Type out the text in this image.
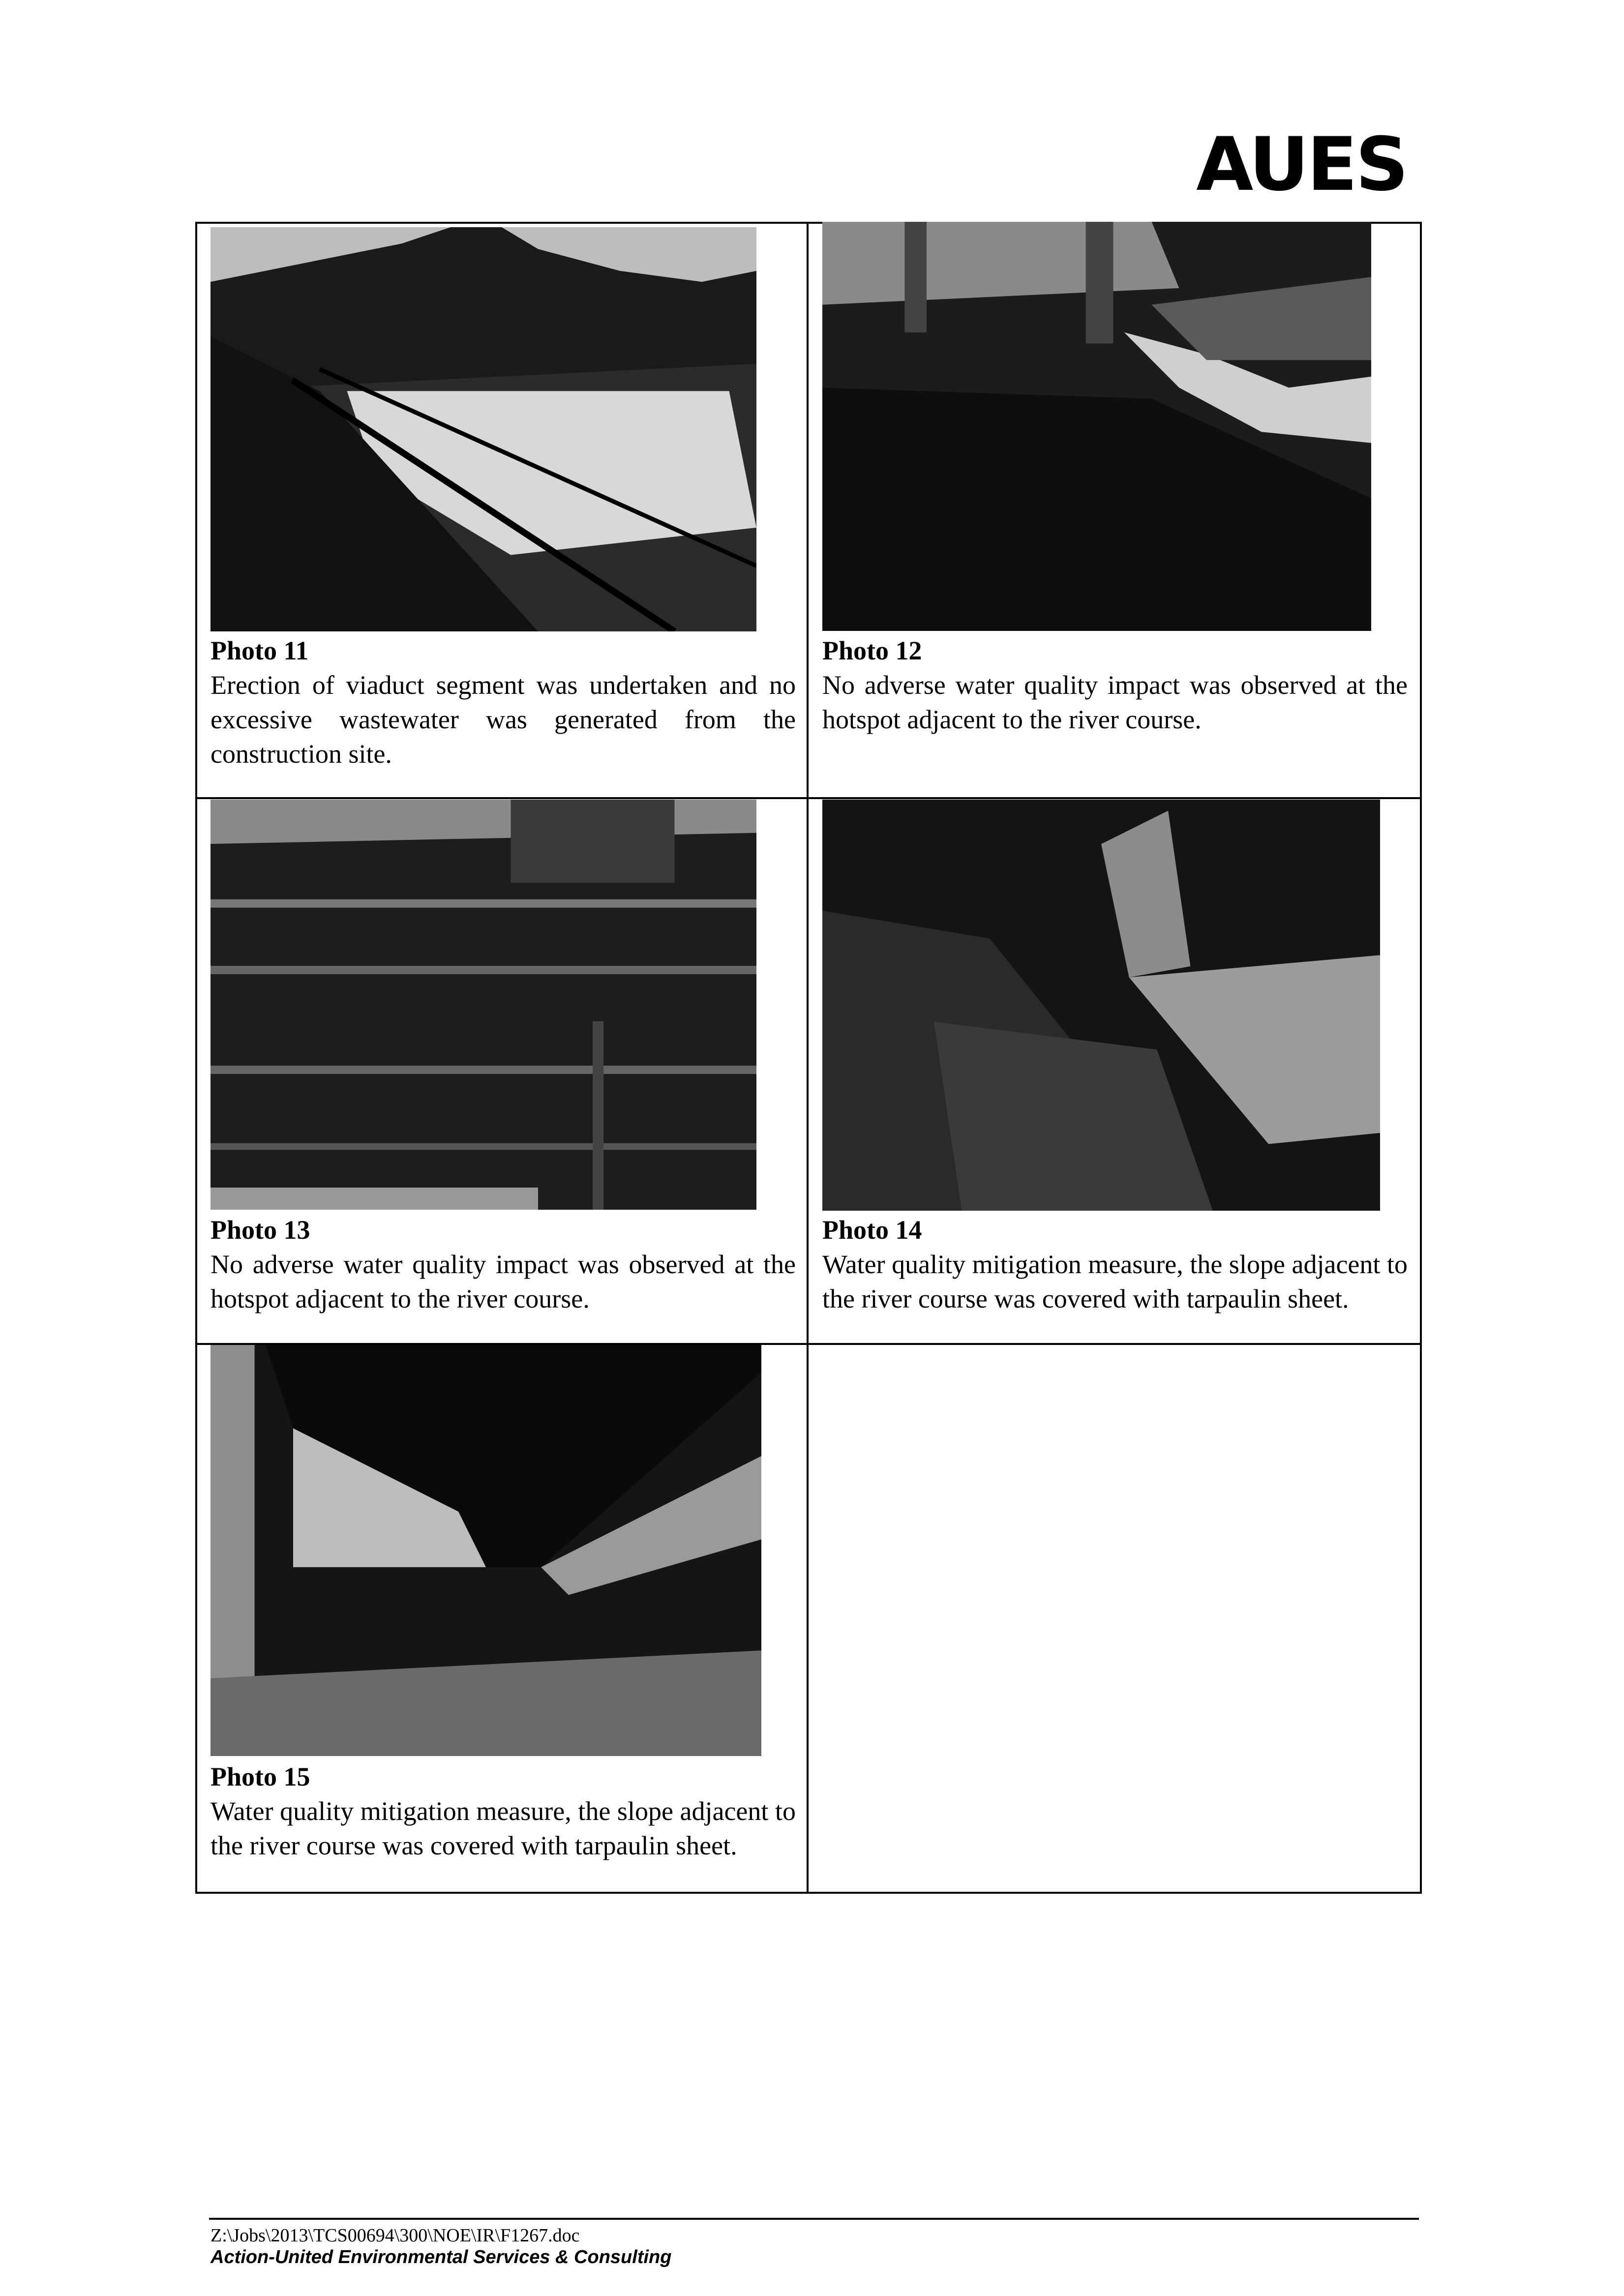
AUES
Photo 11
Erection of viaduct segment was undertaken and no excessive wastewater was generated from the construction site.
Photo 12
No adverse water quality impact was observed at the hotspot adjacent to the river course.
Photo 13
No adverse water quality impact was observed at the hotspot adjacent to the river course.
Photo 14
Water quality mitigation measure, the slope adjacent to the river course was covered with tarpaulin sheet.
Photo 15
Water quality mitigation measure, the slope adjacent to the river course was covered with tarpaulin sheet.
Z:\Jobs\2013\TCS00694\300\NOE\IR\F1267.doc
Action-United Environmental Services & Consulting
